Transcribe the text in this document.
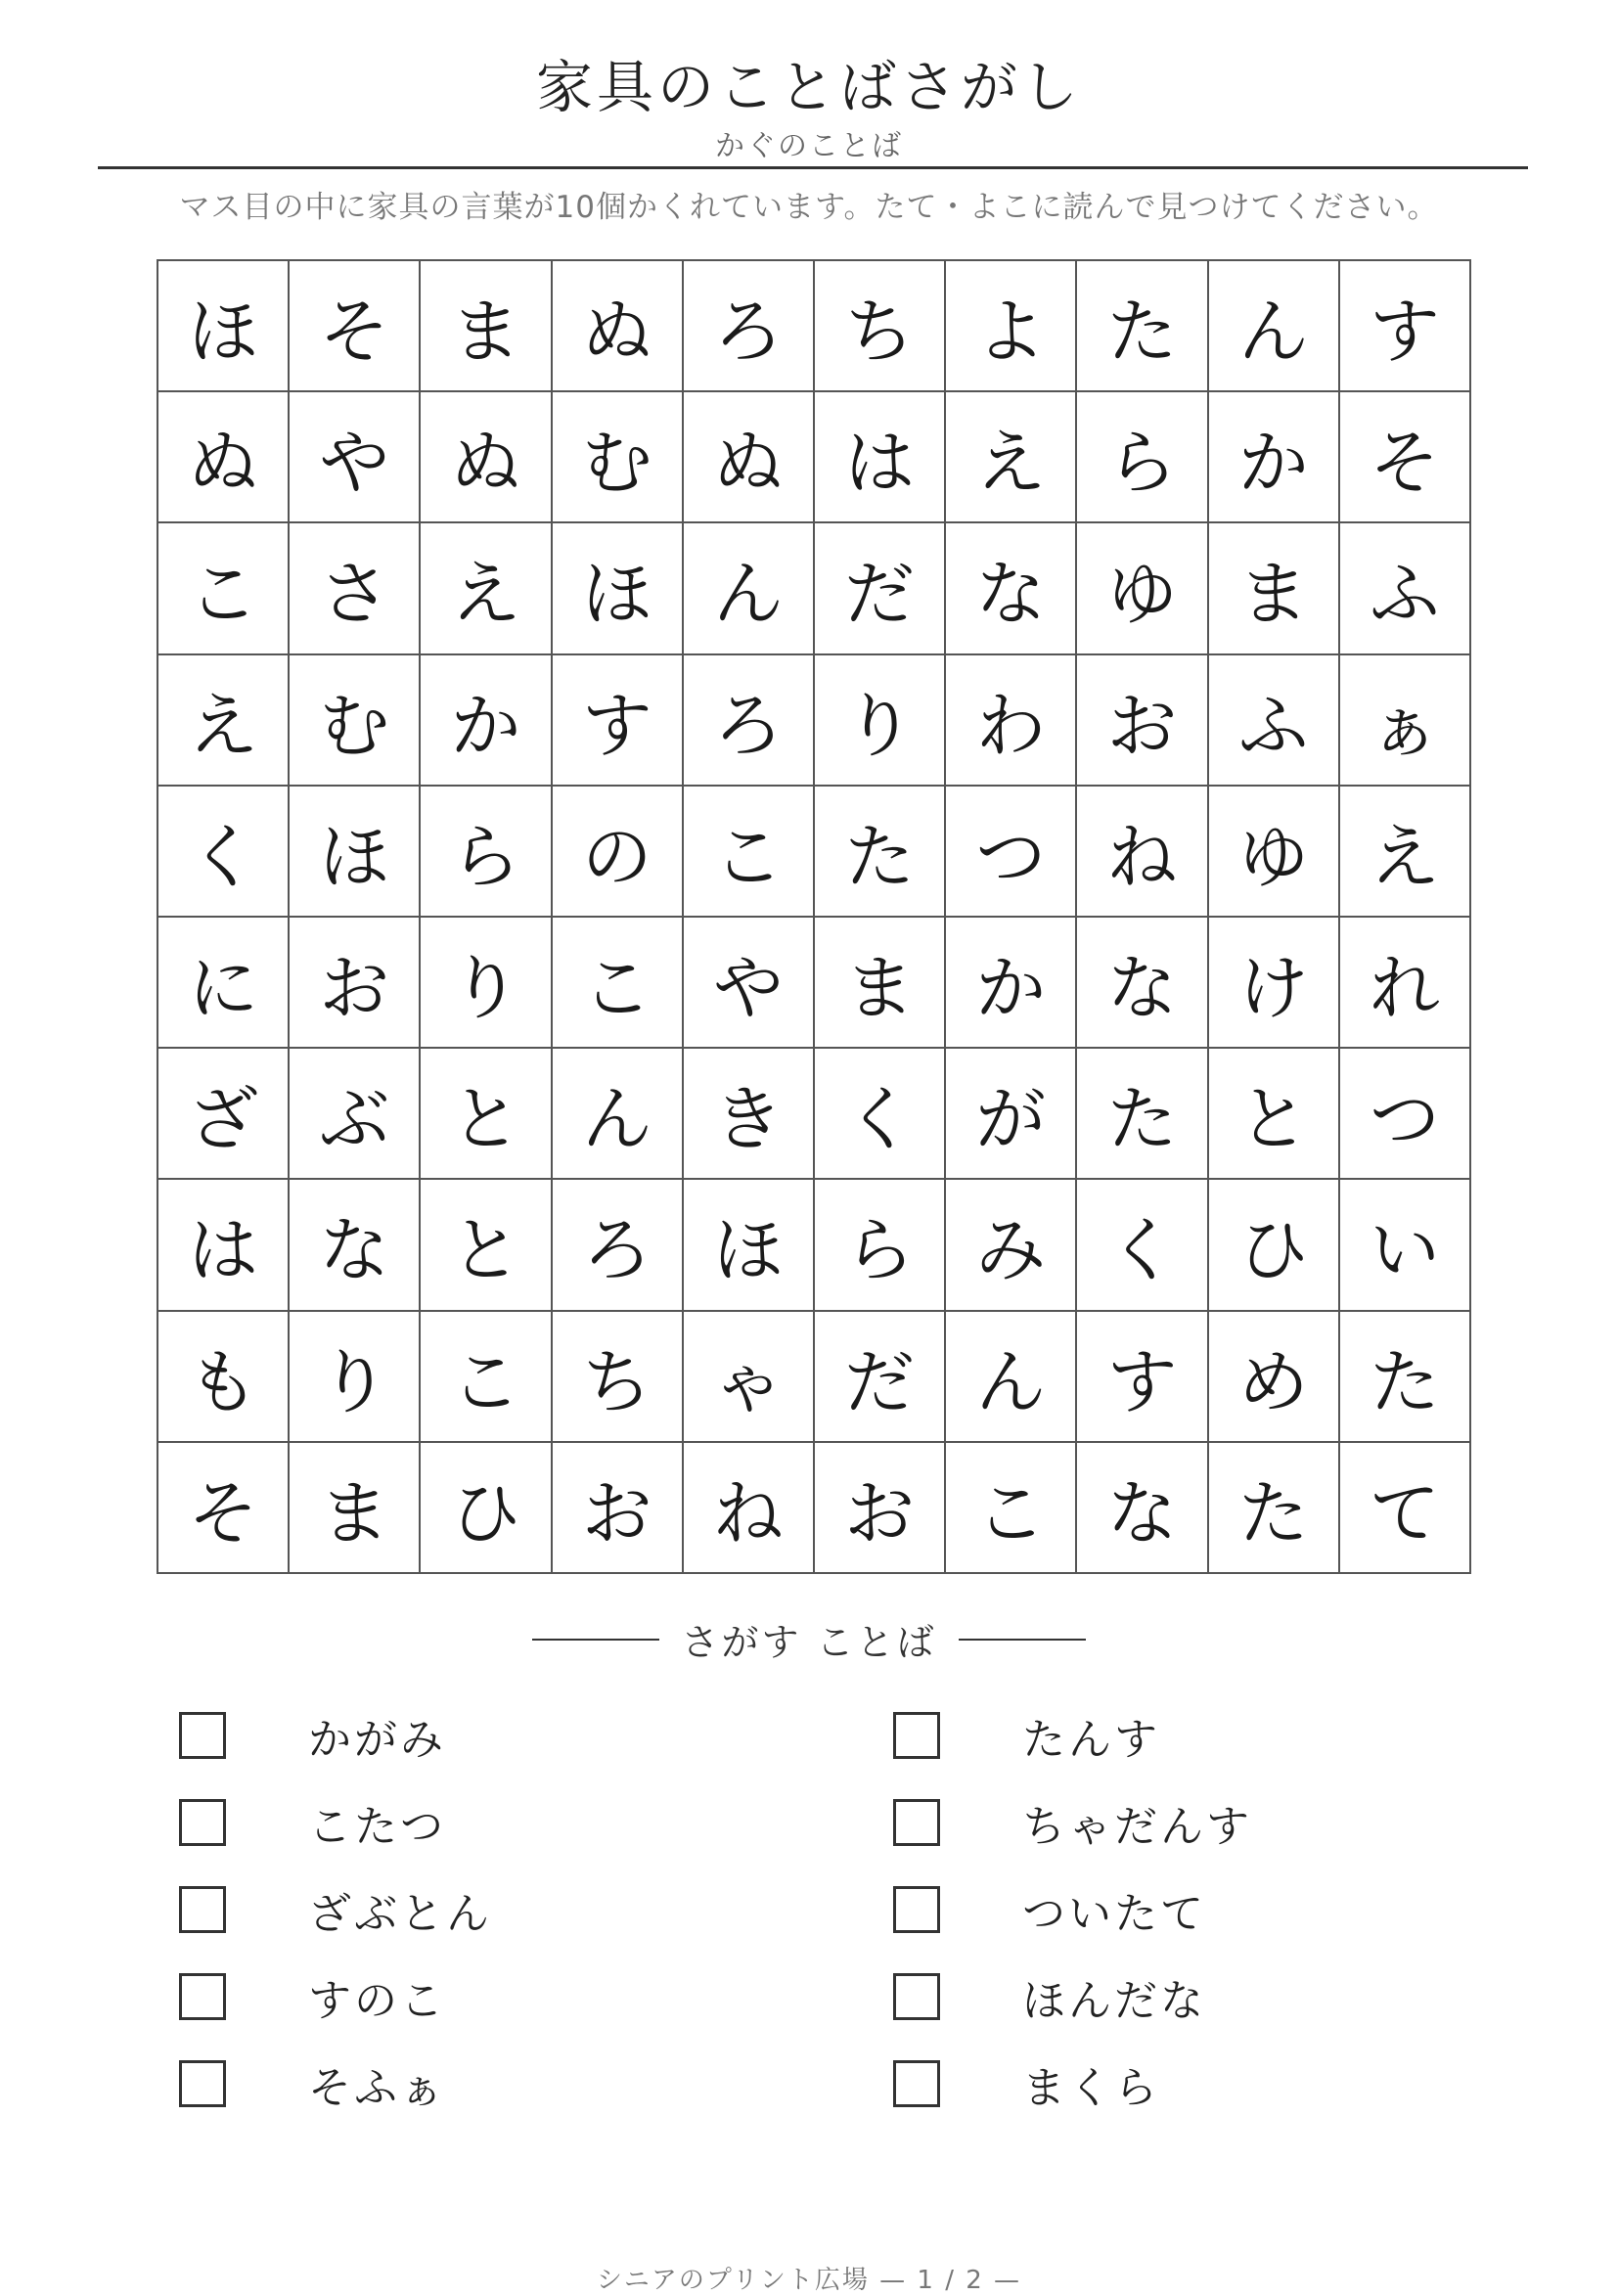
家具のことばさがし
かぐのことば
マス目の中に家具の言葉が10個かくれています。たて・よこに読んで見つけてください。
ほ そ ま ぬ ろ ち よ た ん す
ぬ や ぬ む ぬ は え ら か そ
こ さ え ほ ん だ な ゆ ま ふ
え む か す ろ り わ お ふ ぁ
く ほ ら の こ た つ ね ゆ え
に お り こ や ま か な け れ
ざ ぶ と ん き く が た と つ
は な と ろ ほ ら み く ひ い
も り こ ち ゃ だ ん す め た
そ ま ひ お ね お こ な た て
さがす ことば
かがみ
こたつ
ざぶとん
すのこ
そふぁ
たんす
ちゃだんす
ついたて
ほんだな
まくら
シニアのプリント広場 — 1 / 2 —
